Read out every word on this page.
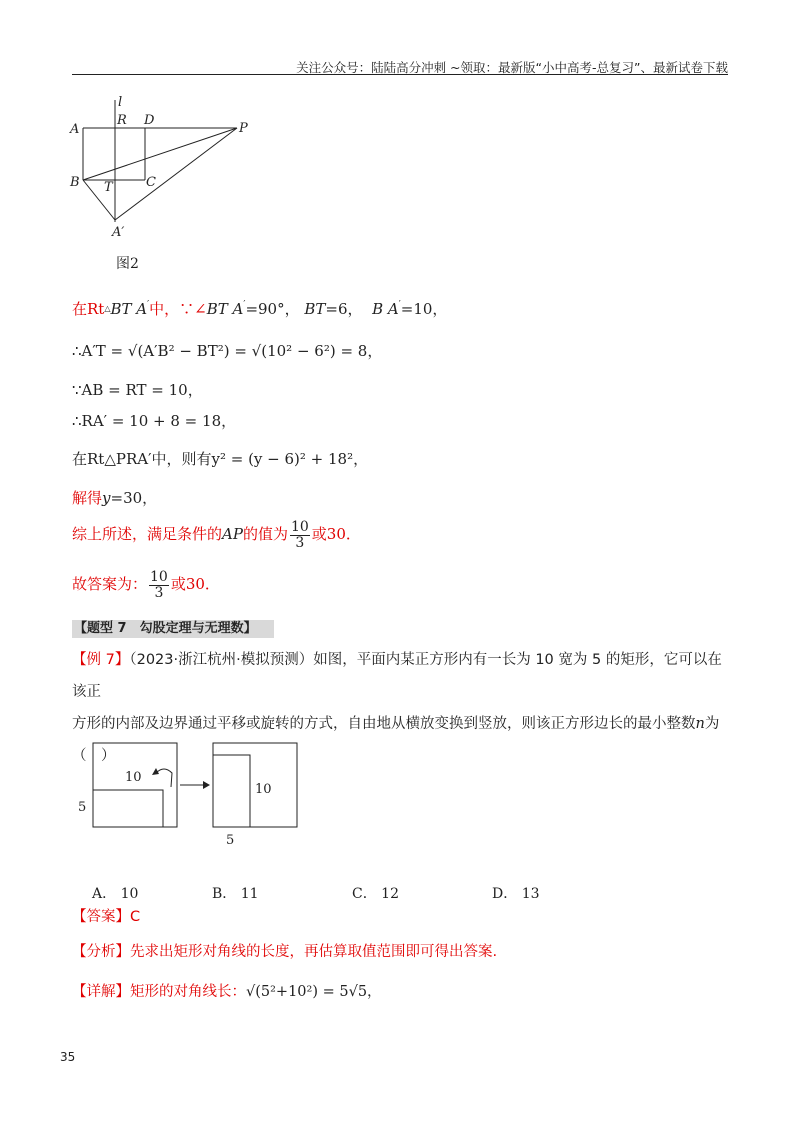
关注公众号：陆陆高分冲刺 ~领取：最新版“小中高考-总复习”、最新试卷下载
l
R D
A	P
B T	C
A′
图2
在Rt△BT A′中，∵∠BT A′=90°， BT=6， B A′=10，
∴A′T = √(A′B² − BT²) = √(10² − 6²) = 8，
∵AB = RT = 10，
∴RA′ = 10 + 8 = 18，
在Rt△PRA′中，则有y² = (y − 6)² + 18²，
解得y=30，
综上所述，满足条件的AP的值为 $\frac{10}{3}$ 或30．
故答案为： $\frac{10}{3}$ 或30．
【题型 7　勾股定理与无理数】
【例 7】（2023·浙江杭州·模拟预测）如图，平面内某正方形内有一长为 10 宽为 5 的矩形，它可以在该正
方形的内部及边界通过平移或旋转的方式，自由地从横放变换到竖放，则该正方形边长的最小整数n为
（　）
10
5
10
5
A． 10	B． 11	C． 12	D． 13
【答案】C
【分析】先求出矩形对角线的长度，再估算取值范围即可得出答案.
【详解】矩形的对角线长：√(5²+10²) = 5√5，
35
